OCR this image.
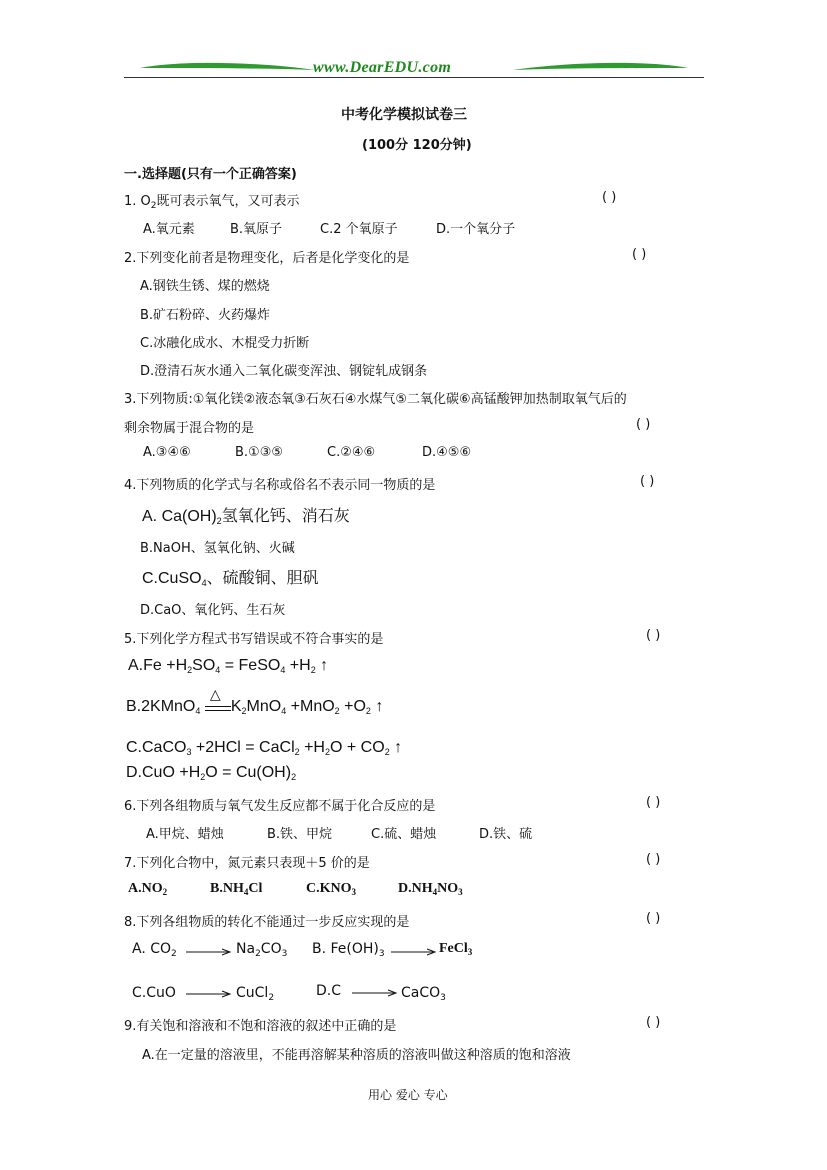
www.DearEDU.com
中考化学模拟试卷三
(100分 120分钟)
一.选择题(只有一个正确答案)
1. $O_2$既可表示氧气，又可表示	( )
A.氧元素	B.氧原子	C.2 个氧原子	D.一个氧分子
2.下列变化前者是物理变化，后者是化学变化的是	( )
A.钢铁生锈、煤的燃烧
B.矿石粉碎、火药爆炸
C.冰融化成水、木棍受力折断
D.澄清石灰水通入二氧化碳变浑浊、钢锭轧成钢条
3.下列物质:①氧化镁②液态氧③石灰石④水煤气⑤二氧化碳⑥高锰酸钾加热制取氧气后的
剩余物属于混合物的是	( )
A.③④⑥	B.①③⑤	C.②④⑥	D.④⑤⑥
4.下列物质的化学式与名称或俗名不表示同一物质的是	( )
A. $Ca(OH)_2$氢氧化钙、消石灰
B.NaOH、氢氧化钠、火碱
C.CuSO$_4$、硫酸铜、胆矾
D.CaO、氧化钙、生石灰
5.下列化学方程式书写错误或不符合事实的是	( )
$A.Fe +H_2SO_4$ = FeSO$_4$ $+H_2$ ↑
B.2KMnO$_4$
△
$K_2MnO_4 +MnO_2 +O_2$ ↑
C.CaCO$_3$ +2HCl = CaCl$_2$ $+H_2O + CO_2$ ↑
$D.CuO +H_2O = Cu(OH)_2$
6.下列各组物质与氧气发生反应都不属于化合反应的是	( )
A.甲烷、蜡烛	B.铁、甲烷	C.硫、蜡烛	D.铁、硫
7.下列化合物中，氮元素只表现＋5 价的是	( )
$A.NO_2$	$B.NH_4Cl$	$C.KNO_3$	$D.NH_4NO_3$
8.下列各组物质的转化不能通过一步反应实现的是	( )
A. $CO_2$	$Na_2CO_3$ B. $Fe(OH)_3$	FeCl$_3$
C.CuO	CuCl$_2$	D.C	CaCO$_3$
9.有关饱和溶液和不饱和溶液的叙述中正确的是	( )
A.在一定量的溶液里，不能再溶解某种溶质的溶液叫做这种溶质的饱和溶液
用心 爱心 专心
